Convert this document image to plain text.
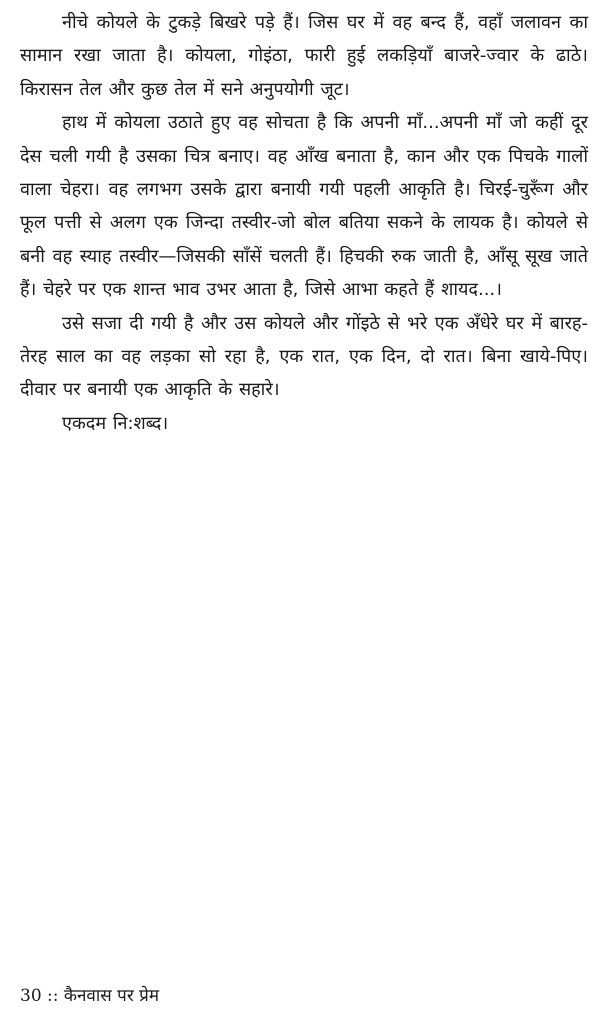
नीचे कोयले के टुकड़े बिखरे पड़े हैं। जिस घर में वह बन्द हैं, वहाँ जलावन का सामान रखा जाता है। कोयला, गोइंठा, फारी हुई लकड़ियाँ बाजरे-ज्वार के ढाठे। किरासन तेल और कुछ तेल में सने अनुपयोगी जूट।

हाथ में कोयला उठाते हुए वह सोचता है कि अपनी माँ...अपनी माँ जो कहीं दूर देस चली गयी है उसका चित्र बनाए। वह आँख बनाता है, कान और एक पिचके गालों वाला चेहरा। वह लगभग उसके द्वारा बनायी गयी पहली आकृति है। चिरई-चुरूँग और फूल पत्ती से अलग एक जिन्दा तस्वीर-जो बोल बतिया सकने के लायक है। कोयले से बनी वह स्याह तस्वीर—जिसकी साँसें चलती हैं। हिचकी रुक जाती है, आँसू सूख जाते हैं। चेहरे पर एक शान्त भाव उभर आता है, जिसे आभा कहते हैं शायद...।

उसे सजा दी गयी है और उस कोयले और गोंइठे से भरे एक अँधेरे घर में बारह-तेरह साल का वह लड़का सो रहा है, एक रात, एक दिन, दो रात। बिना खाये-पिए। दीवार पर बनायी एक आकृति के सहारे।

एकदम नि:शब्द।

30 :: कैनवास पर प्रेम
